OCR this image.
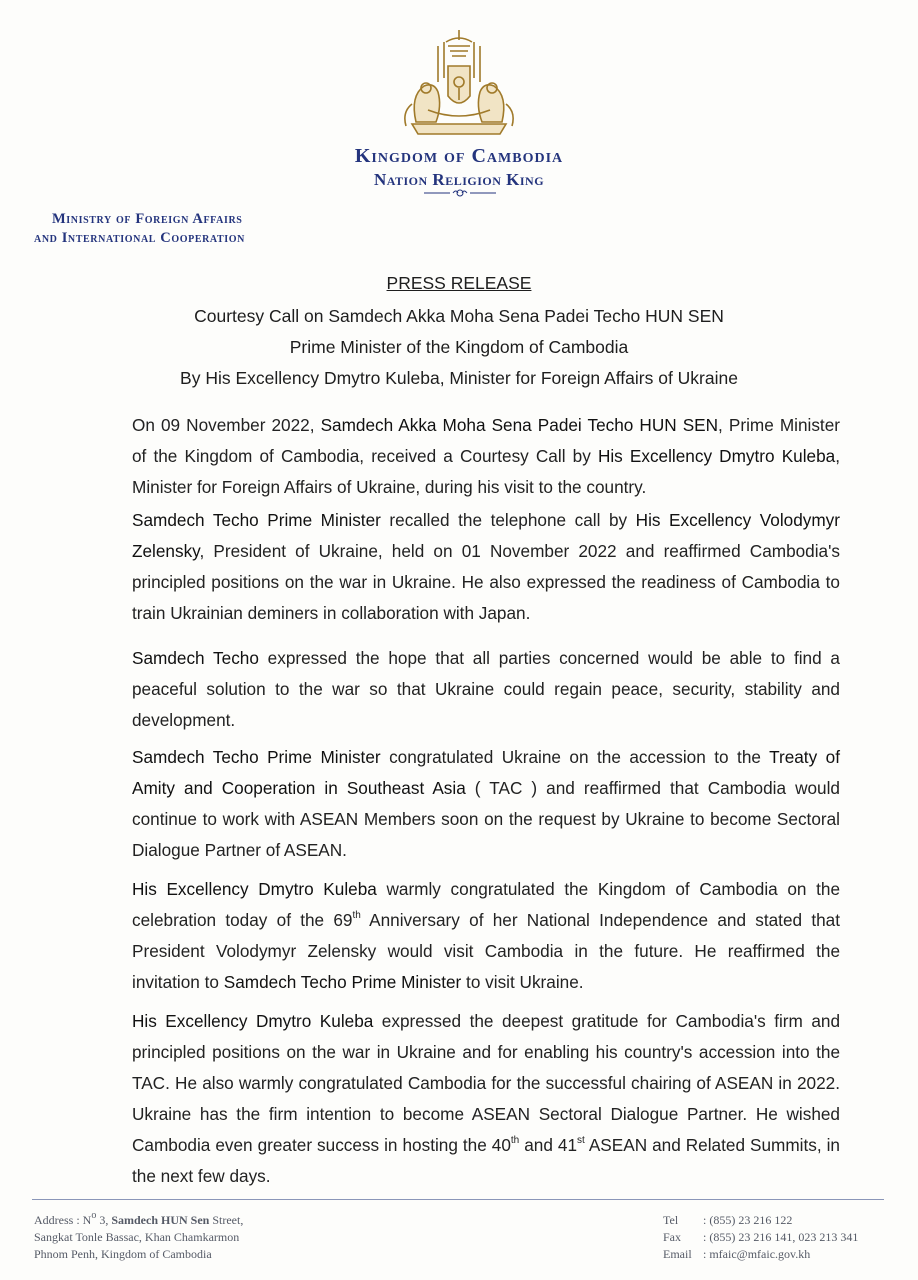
Kingdom of Cambodia
Nation Religion King
Ministry of Foreign Affairs
and International Cooperation
PRESS RELEASE
Courtesy Call on Samdech Akka Moha Sena Padei Techo HUN SEN
Prime Minister of the Kingdom of Cambodia
By His Excellency Dmytro Kuleba, Minister for Foreign Affairs of Ukraine
On 09 November 2022, Samdech Akka Moha Sena Padei Techo HUN SEN, Prime Minister of the Kingdom of Cambodia, received a Courtesy Call by His Excellency Dmytro Kuleba, Minister for Foreign Affairs of Ukraine, during his visit to the country.
Samdech Techo Prime Minister recalled the telephone call by His Excellency Volodymyr Zelensky, President of Ukraine, held on 01 November 2022 and reaffirmed Cambodia's principled positions on the war in Ukraine. He also expressed the readiness of Cambodia to train Ukrainian deminers in collaboration with Japan.
Samdech Techo expressed the hope that all parties concerned would be able to find a peaceful solution to the war so that Ukraine could regain peace, security, stability and development.
Samdech Techo Prime Minister congratulated Ukraine on the accession to the Treaty of Amity and Cooperation in Southeast Asia ( TAC ) and reaffirmed that Cambodia would continue to work with ASEAN Members soon on the request by Ukraine to become Sectoral Dialogue Partner of ASEAN.
His Excellency Dmytro Kuleba warmly congratulated the Kingdom of Cambodia on the celebration today of the 69th Anniversary of her National Independence and stated that President Volodymyr Zelensky would visit Cambodia in the future. He reaffirmed the invitation to Samdech Techo Prime Minister to visit Ukraine.
His Excellency Dmytro Kuleba expressed the deepest gratitude for Cambodia's firm and principled positions on the war in Ukraine and for enabling his country's accession into the TAC. He also warmly congratulated Cambodia for the successful chairing of ASEAN in 2022. Ukraine has the firm intention to become ASEAN Sectoral Dialogue Partner. He wished Cambodia even greater success in hosting the 40th and 41st ASEAN and Related Summits, in the next few days.
Address : $N^o$ 3, Samdech HUN Sen Street,
Sangkat Tonle Bassac, Khan Chamkarmon
Phnom Penh, Kingdom of Cambodia
Tel : (855) 23 216 122
Fax : (855) 23 216 141, 023 213 341
Email : mfaic@mfaic.gov.kh
